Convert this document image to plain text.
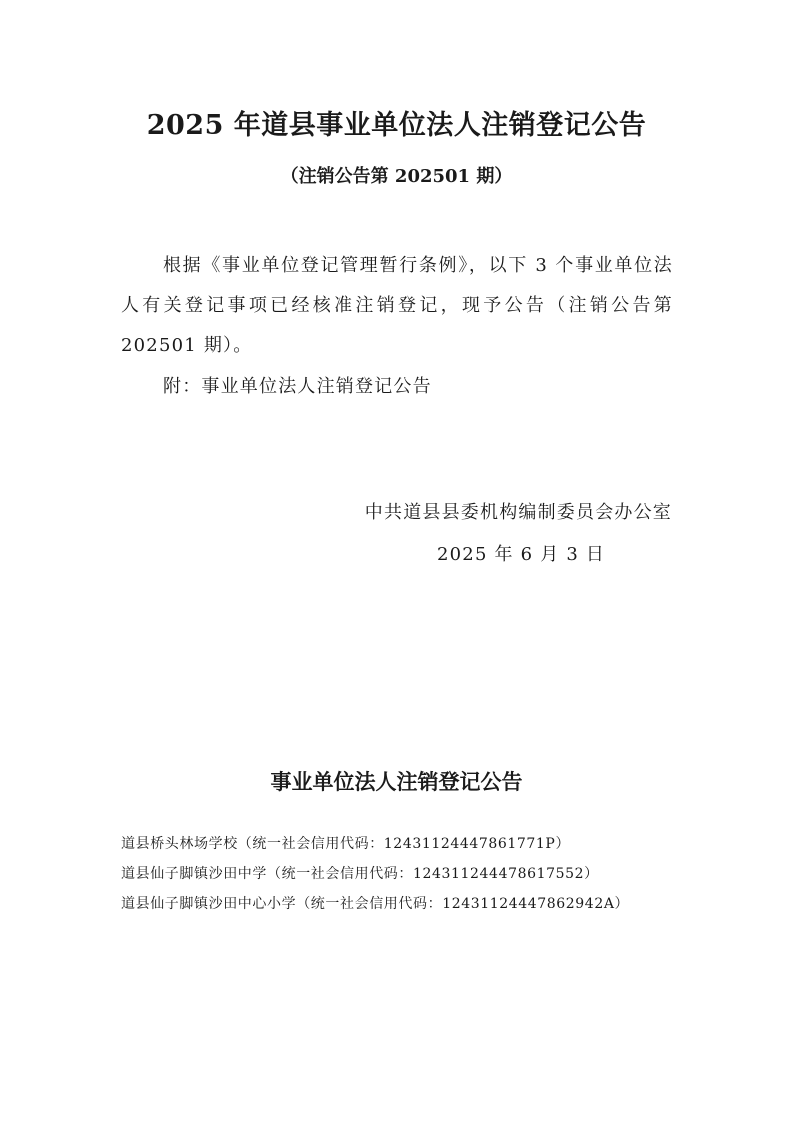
2025 年道县事业单位法人注销登记公告
（注销公告第 202501 期）

根据《事业单位登记管理暂行条例》，以下 3 个事业单位法人有关登记事项已经核准注销登记，现予公告（注销公告第 202501 期）。

附：事业单位法人注销登记公告
中共道县县委机构编制委员会办公室
2025 年 6 月 3 日
事业单位法人注销登记公告
道县桥头林场学校（统一社会信用代码：12431124447861771P）
道县仙子脚镇沙田中学（统一社会信用代码：124311244478617552）
道县仙子脚镇沙田中心小学（统一社会信用代码：12431124447862942A）
